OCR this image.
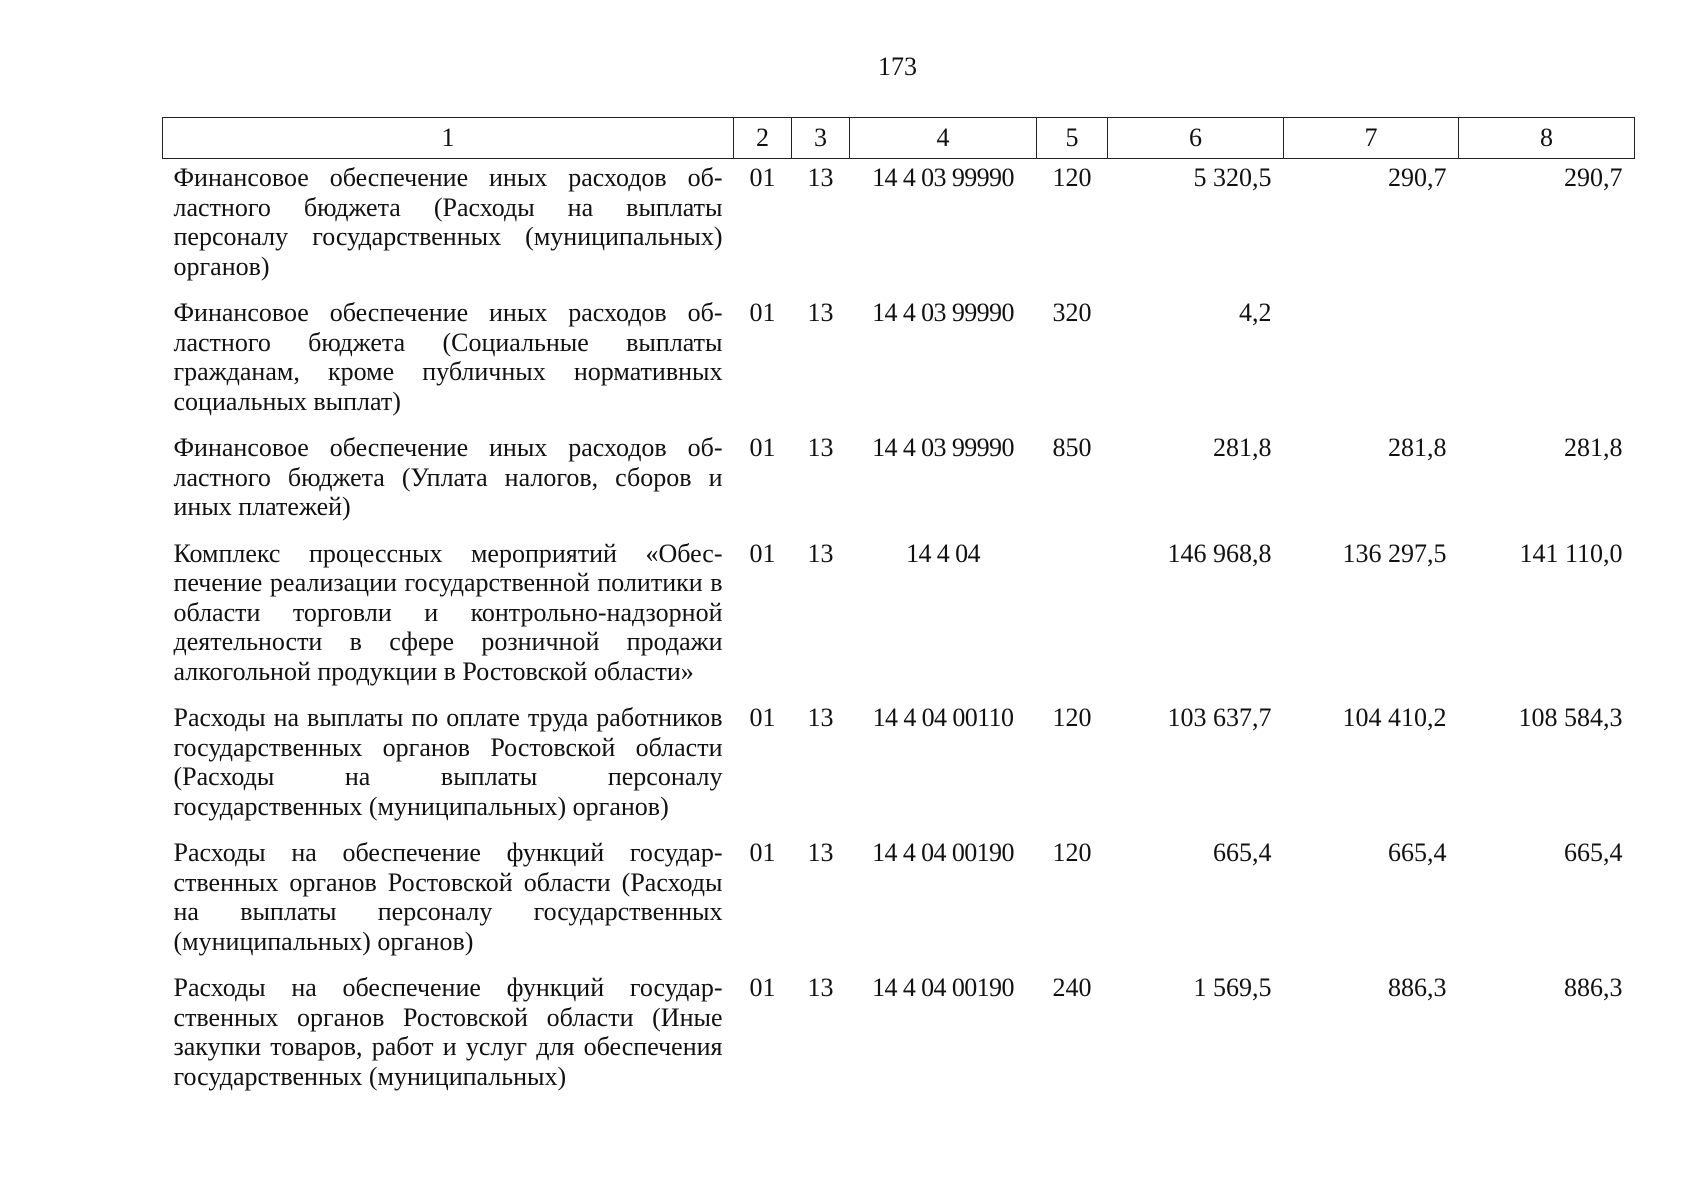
173
1	2	3	4	5	6	7	8
Финансовое обеспечение иных расходов областного бюджета (Расходы на выплаты персоналу государственных (муниципальных) органов)	01	13	14 4 03 99990	120	5 320,5	290,7	290,7
Финансовое обеспечение иных расходов областного бюджета (Социальные выплаты гражданам, кроме публичных нормативных социальных выплат)	01	13	14 4 03 99990	320	4,2		
Финансовое обеспечение иных расходов областного бюджета (Уплата налогов, сборов и иных платежей)	01	13	14 4 03 99990	850	281,8	281,8	281,8
Комплекс процессных мероприятий «Обеспечение реализации государственной политики в области торговли и контрольно-надзорной деятельности в сфере розничной продажи алкогольной продукции в Ростовской области»	01	13	14 4 04		146 968,8	136 297,5	141 110,0
Расходы на выплаты по оплате труда работников государственных органов Ростовской области (Расходы на выплаты персоналу государственных (муниципальных) органов)	01	13	14 4 04 00110	120	103 637,7	104 410,2	108 584,3
Расходы на обеспечение функций государственных органов Ростовской области (Расходы на выплаты персоналу государственных (муниципальных) органов)	01	13	14 4 04 00190	120	665,4	665,4	665,4
Расходы на обеспечение функций государственных органов Ростовской области (Иные закупки товаров, работ и услуг для обеспечения государственных (муниципальных)	01	13	14 4 04 00190	240	1 569,5	886,3	886,3
